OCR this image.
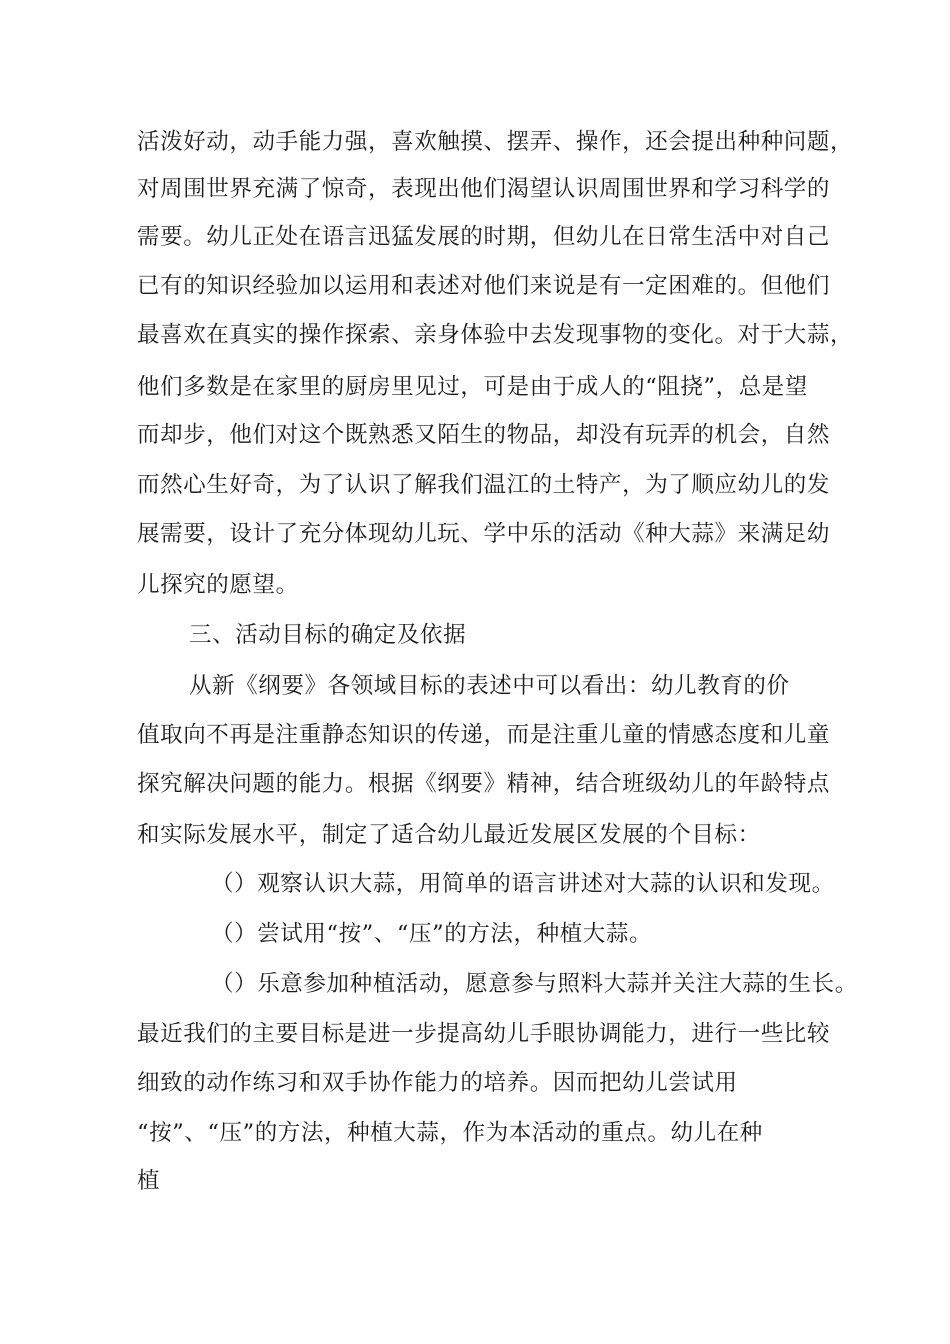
活泼好动，动手能力强，喜欢触摸、摆弄、操作，还会提出种种问题，
对周围世界充满了惊奇，表现出他们渴望认识周围世界和学习科学的
需要。幼儿正处在语言迅猛发展的时期，但幼儿在日常生活中对自己
已有的知识经验加以运用和表述对他们来说是有一定困难的。但他们
最喜欢在真实的操作探索、亲身体验中去发现事物的变化。对于大蒜，
他们多数是在家里的厨房里见过，可是由于成人的“阻挠”，总是望
而却步，他们对这个既熟悉又陌生的物品，却没有玩弄的机会，自然
而然心生好奇，为了认识了解我们温江的土特产，为了顺应幼儿的发
展需要，设计了充分体现幼儿玩、学中乐的活动《种大蒜》来满足幼
儿探究的愿望。
三、活动目标的确定及依据
从新《纲要》各领域目标的表述中可以看出：幼儿教育的价
值取向不再是注重静态知识的传递，而是注重儿童的情感态度和儿童
探究解决问题的能力。根据《纲要》精神，结合班级幼儿的年龄特点
和实际发展水平，制定了适合幼儿最近发展区发展的个目标：
（）观察认识大蒜，用简单的语言讲述对大蒜的认识和发现。
（）尝试用“按”、“压”的方法，种植大蒜。
（）乐意参加种植活动，愿意参与照料大蒜并关注大蒜的生长。
最近我们的主要目标是进一步提高幼儿手眼协调能力，进行一些比较
细致的动作练习和双手协作能力的培养。因而把幼儿尝试用
“按”、“压”的方法，种植大蒜，作为本活动的重点。幼儿在种
植
